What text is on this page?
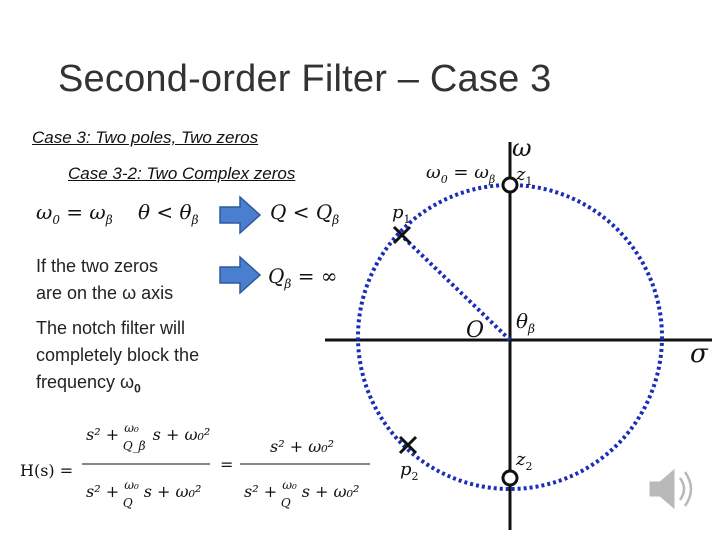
Second-order Filter – Case 3
Case 3: Two poles, Two zeros
Case 3-2: Two Complex zeros
$\omega_0 = \omega_\beta$ $\theta < \theta_\beta$	$Q < Q_\beta$
If the two zeros
are on the ω axis
$Q_\beta$ = ∞
The notch filter will
completely block the
frequency $\omega_0$
H(s) =
s² + $^{\omega_0}$ Q_β s + ω₀²
s² + $^{\omega_0}$ Q s + ω₀²
=
s² + ω₀²
s² + $^{\omega_0}$ Q s + ω₀²
ω
σ
$\omega_0 = \omega_\beta$ $z_1$
$p_1$
O $\theta_\beta$
$p_2$
$z_2$
